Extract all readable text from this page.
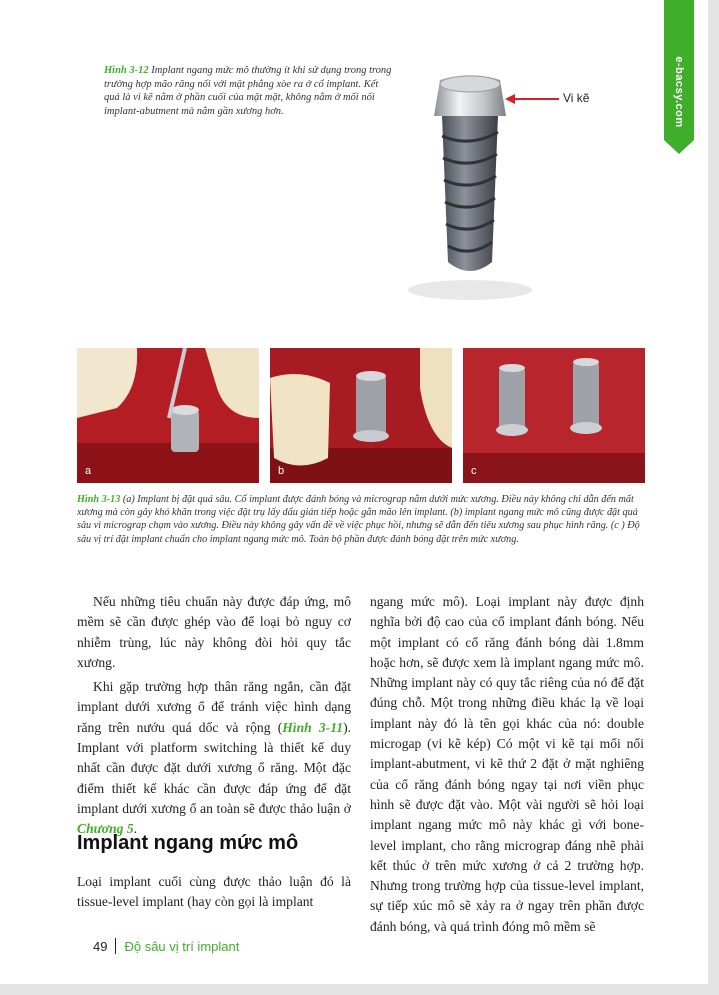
e-bacsy.com
Hình 3-12 Implant ngang mức mô thường ít khi sử dụng trong trong trường hợp mão răng nối với mặt phẳng xòe ra ở cổ implant. Kết quả là vi kẽ nằm ở phần cuối của mặt mặt, không nằm ở mối nối implant-abutment mà nằm gần xương hơn.
Vi kẽ
a	b	c
Hình 3-13 (a) Implant bị đặt quá sâu. Cổ implant được đánh bóng và micrograp nằm dưới mức xương. Điều này không chỉ dẫn đến mất xương mà còn gây khó khăn trong việc đặt trụ lấy dấu gián tiếp hoặc gắn mão lên implant. (b) implant ngang mức mô cũng được đặt quá sâu vì micrograp chạm vào xương. Điều này không gây vấn đề về việc phục hồi, nhưng sẽ dẫn đến tiêu xương sau phục hình răng. (c ) Độ sâu vị trí đặt implant chuẩn cho implant ngang mức mô. Toàn bộ phần được đánh bóng đặt trên mức xương.

Nếu những tiêu chuẩn này được đáp ứng, mô mềm sẽ cần được ghép vào để loại bỏ nguy cơ nhiễm trùng, lúc này không đòi hỏi quy tắc xương.

Khi gặp trường hợp thân răng ngắn, cần đặt implant dưới xương ổ để tránh việc hình dạng răng trên nướu quá dốc và rộng (Hình 3-11). Implant với platform switching là thiết kế duy nhất cần được đặt dưới xương ổ răng. Một đặc điểm thiết kế khác cần được đáp ứng để đặt implant dưới xương ổ an toàn sẽ được thảo luận ở Chương 5.

Implant ngang mức mô
Loại implant cuối cùng được thảo luận đó là tissue-level implant (hay còn gọi là implant

ngang mức mô). Loại implant này được định nghĩa bởi độ cao của cổ implant đánh bóng. Nếu một implant có cổ răng đánh bóng dài 1.8mm hoặc hơn, sẽ được xem là implant ngang mức mô. Những implant này có quy tắc riêng của nó để đặt đúng chỗ. Một trong những điều khác lạ về loại implant này đó là tên gọi khác của nó: double microgap (vi kẽ kép) Có một vi kẽ tại mối nối implant-abutment, vi kẽ thứ 2 đặt ở mặt nghiêng của cổ răng đánh bóng ngay tại nơi viền phục hình sẽ được đặt vào. Một vài người sẽ hỏi loại implant ngang mức mô này khác gì với bone-level implant, cho rằng micrograp đáng nhẽ phải kết thúc ở trên mức xương ở cả 2 trường hợp. Nhưng trong trường hợp của tissue-level implant, sự tiếp xúc mô sẽ xảy ra ở ngay trên phần được đánh bóng, và quá trình đóng mô mềm sẽ

49 Độ sâu vị trí implant
